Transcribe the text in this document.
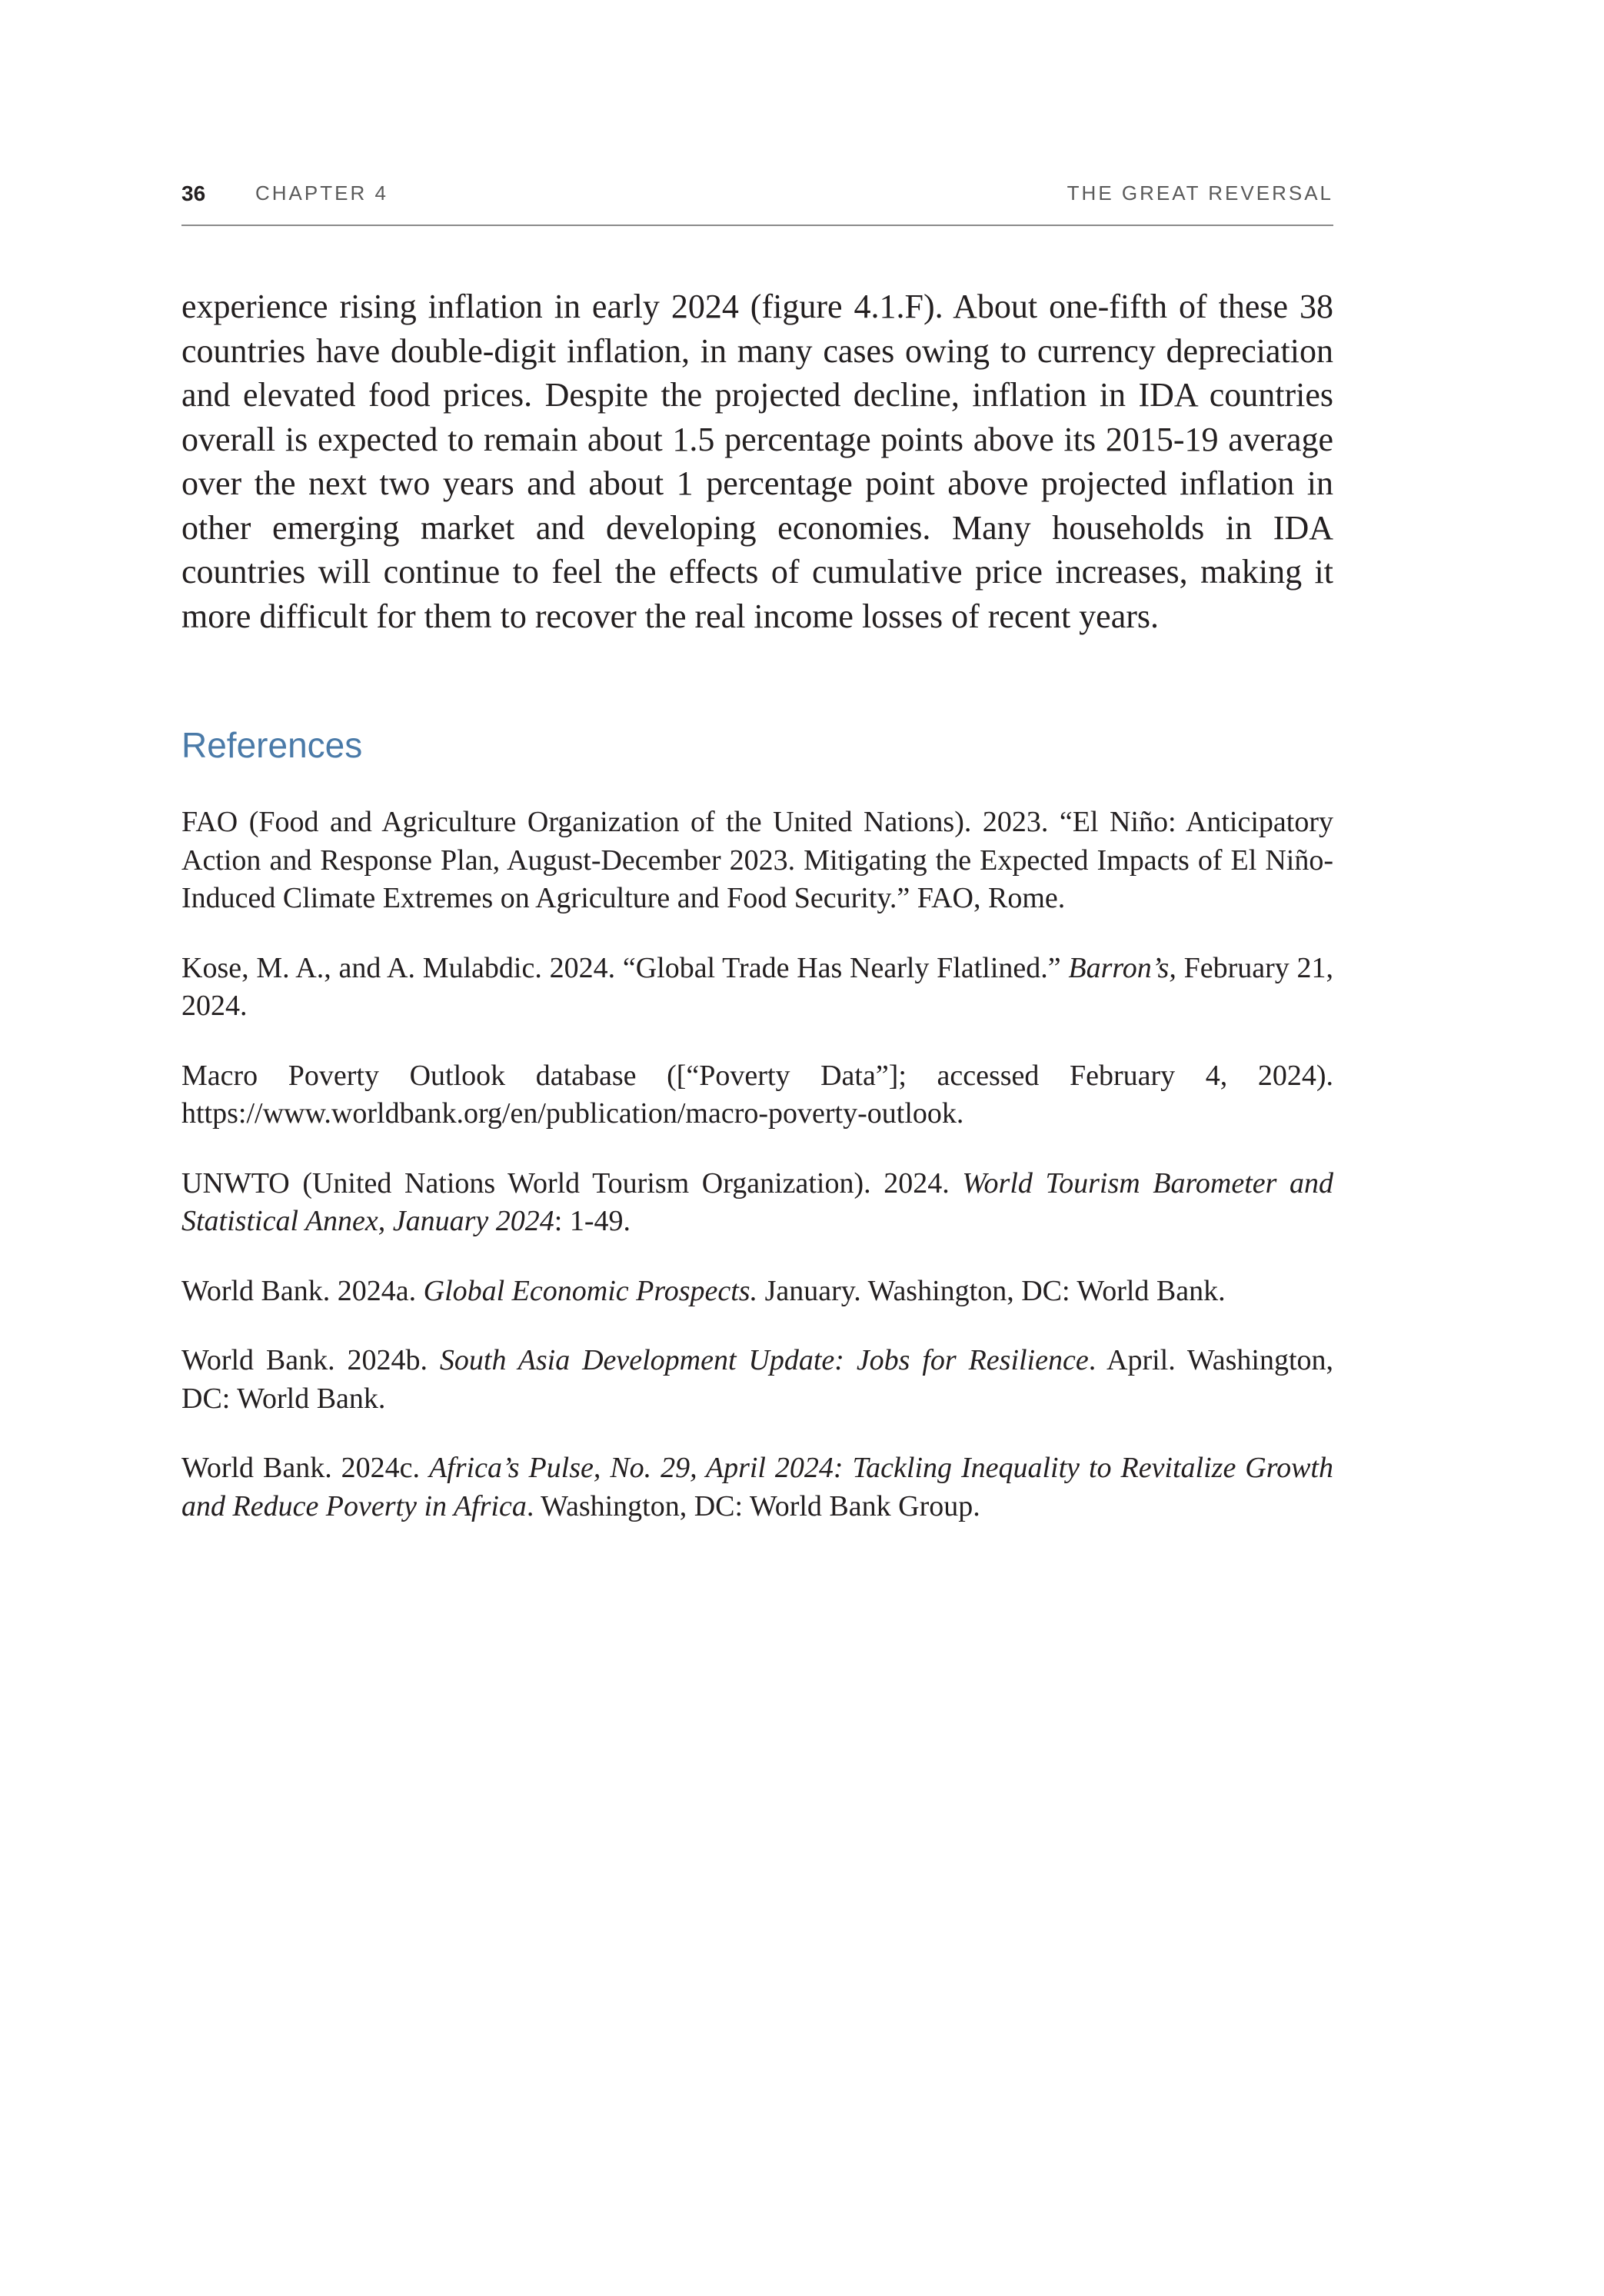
36 CHAPTER 4	THE GREAT REVERSAL

experience rising inflation in early 2024 (figure 4.1.F). About one-fifth of these 38 countries have double-digit inflation, in many cases owing to currency depreciation and elevated food prices. Despite the projected decline, inflation in IDA countries overall is expected to remain about 1.5 percentage points above its 2015-19 average over the next two years and about 1 percentage point above projected inflation in other emerging market and developing economies. Many households in IDA countries will continue to feel the effects of cumulative price increases, making it more difficult for them to recover the real income losses of recent years.

References
FAO (Food and Agriculture Organization of the United Nations). 2023. “El Niño: Anticipatory Action and Response Plan, August-December 2023. Mitigating the Expected Impacts of El Niño-Induced Climate Extremes on Agriculture and Food Security.” FAO, Rome.
Kose, M. A., and A. Mulabdic. 2024. “Global Trade Has Nearly Flatlined.” Barron’s, February 21, 2024.
Macro Poverty Outlook database ([“Poverty Data”]; accessed February 4, 2024). https://www.worldbank.org/en/publication/macro-poverty-outlook.
UNWTO (United Nations World Tourism Organization). 2024. World Tourism Barometer and Statistical Annex, January 2024: 1-49.
World Bank. 2024a. Global Economic Prospects. January. Washington, DC: World Bank.
World Bank. 2024b. South Asia Development Update: Jobs for Resilience. April. Washington, DC: World Bank.
World Bank. 2024c. Africa’s Pulse, No. 29, April 2024: Tackling Inequality to Revitalize Growth and Reduce Poverty in Africa. Washington, DC: World Bank Group.
